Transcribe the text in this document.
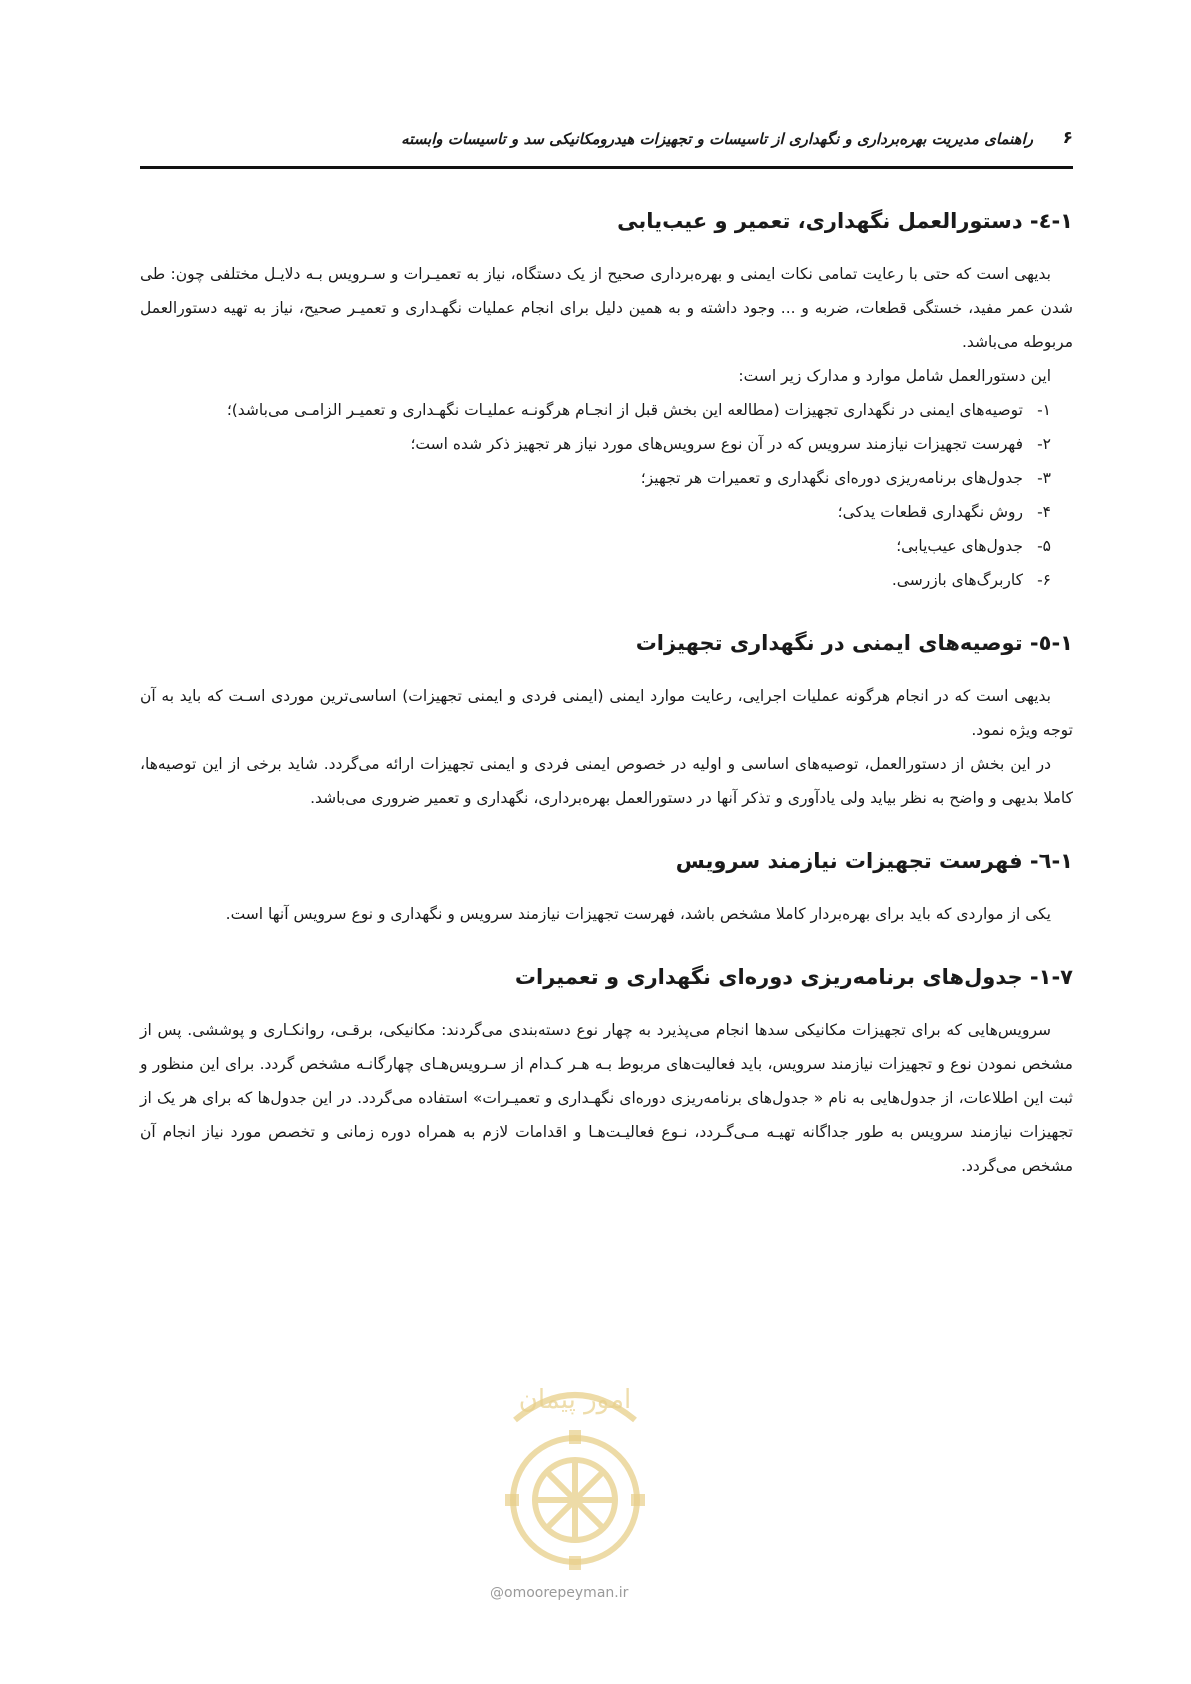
۶
راهنمای مدیریت بهره‌برداری و نگهداری از تاسیسات و تجهیزات هیدرومکانیکی سد و تاسیسات وابسته
۱-٤- دستورالعمل نگهداری، تعمیر و عیب‌یابی

بدیهی است که حتی با رعایت تمامی نکات ایمنی و بهره‌برداری صحیح از یک دستگاه، نیاز به تعمیـرات و سـرویس بـه دلایـل مختلفی چون: طی شدن عمر مفید، خستگی قطعات، ضربه و ... وجود داشته و به همین دلیل برای انجام عملیات نگهـداری و تعمیـر صحیح، نیاز به تهیه دستورالعمل مربوطه می‌باشد.

این دستورالعمل شامل موارد و مدارک زیر است:

۱-
توصیه‌های ایمنی در نگهداری تجهیزات (مطالعه این بخش قبل از انجـام هرگونـه عملیـات نگهـداری و تعمیـر الزامـی می‌باشد)؛
۲-
فهرست تجهیزات نیازمند سرویس که در آن نوع سرویس‌های مورد نیاز هر تجهیز ذکر شده است؛
۳-
جدول‌های برنامه‌ریزی دوره‌ای نگهداری و تعمیرات هر تجهیز؛
۴-
روش نگهداری قطعات یدکی؛
۵-
جدول‌های عیب‌یابی؛
۶-
کاربرگ‌های بازرسی.
۱-٥- توصیه‌های ایمنی در نگهداری تجهیزات

بدیهی است که در انجام هرگونه عملیات اجرایی، رعایت موارد ایمنی (ایمنی فردی و ایمنی تجهیزات) اساسی‌ترین موردی اسـت که باید به آن توجه ویژه نمود.

در این بخش از دستورالعمل، توصیه‌های اساسی و اولیه در خصوص ایمنی فردی و ایمنی تجهیزات ارائه می‌گردد. شاید برخی از این توصیه‌ها، کاملا بدیهی و واضح به نظر بیاید ولی یادآوری و تذکر آنها در دستورالعمل بهره‌برداری، نگهداری و تعمیر ضروری می‌باشد.

۱-٦- فهرست تجهیزات نیازمند سرویس

یکی از مواردی که باید برای بهره‌بردار کاملا مشخص باشد، فهرست تجهیزات نیازمند سرویس و نگهداری و نوع سرویس آنها است.

۱-۷- جدول‌های برنامه‌ریزی دوره‌ای نگهداری و تعمیرات

سرویس‌هایی که برای تجهیزات مکانیکی سدها انجام می‌پذیرد به چهار نوع دسته‌بندی می‌گردند: مکانیکی، برقـی، روانکـاری و پوششی. پس از مشخص نمودن نوع و تجهیزات نیازمند سرویس، باید فعالیت‌های مربوط بـه هـر کـدام از سـرویس‌هـای چهارگانـه مشخص گردد. برای این منظور و ثبت این اطلاعات، از جدول‌هایی به نام « جدول‌های برنامه‌ریزی دوره‌ای نگهـداری و تعمیـرات» استفاده می‌گردد. در این جدول‌ها که برای هر یک از تجهیزات نیازمند سرویس به طور جداگانه تهیـه مـی‌گـردد، نـوع فعالیـت‌هـا و اقدامات لازم به همراه دوره زمانی و تخصص مورد نیاز انجام آن مشخص می‌گردد.

امور پیمان
@omoorepeyman.ir
